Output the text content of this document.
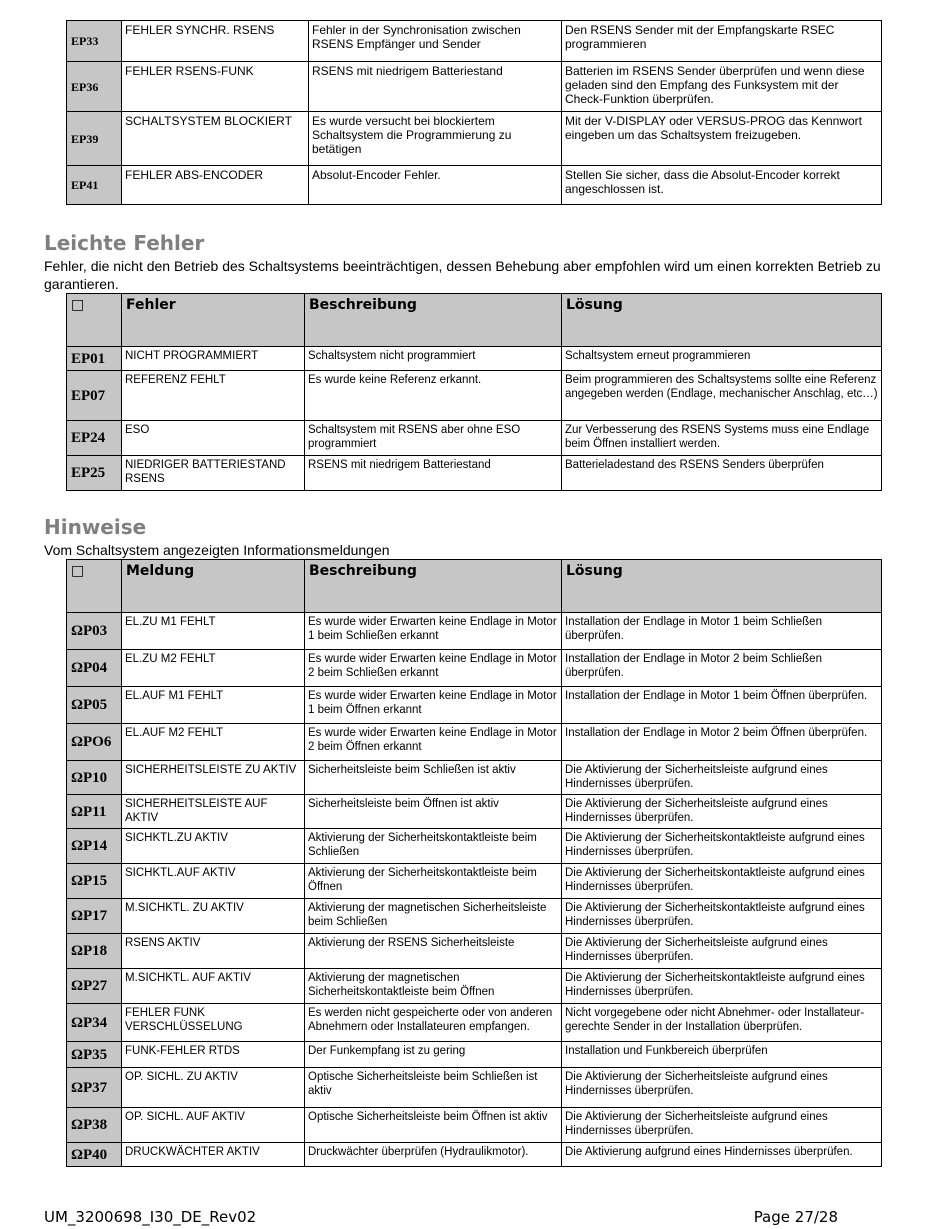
EP33	FEHLER SYNCHR. RSENS	Fehler in der Synchronisation zwischen RSENS Empfänger und Sender	Den RSENS Sender mit der Empfangskarte RSEC programmieren
EP36	FEHLER RSENS-FUNK	RSENS mit niedrigem Batteriestand	Batterien im RSENS Sender überprüfen und wenn diese geladen sind den Empfang des Funksystem mit der Check-Funktion überprüfen.
EP39	SCHALTSYSTEM BLOCKIERT	Es wurde versucht bei blockiertem Schaltsystem die Programmierung zu betätigen	Mit der V-DISPLAY oder VERSUS-PROG das Kennwort eingeben um das Schaltsystem freizugeben.
EP41	FEHLER ABS-ENCODER	Absolut-Encoder Fehler.	Stellen Sie sicher, dass die Absolut-Encoder korrekt angeschlossen ist.
Leichte Fehler
Fehler, die nicht den Betrieb des Schaltsystems beeinträchtigen, dessen Behebung aber empfohlen wird um einen korrekten Betrieb zu garantieren.
□	Fehler	Beschreibung	Lösung
EP01	NICHT PROGRAMMIERT	Schaltsystem nicht programmiert	Schaltsystem erneut programmieren
EP07	REFERENZ FEHLT	Es wurde keine Referenz erkannt.	Beim programmieren des Schaltsystems sollte eine Referenz angegeben werden (Endlage, mechanischer Anschlag, etc…)
EP24	ESO	Schaltsystem mit RSENS aber ohne ESO programmiert	Zur Verbesserung des RSENS Systems muss eine Endlage beim Öffnen installiert werden.
EP25	NIEDRIGER BATTERIESTAND RSENS	RSENS mit niedrigem Batteriestand	Batterieladestand des RSENS Senders überprüfen
Hinweise
Vom Schaltsystem angezeigten Informationsmeldungen
□	Meldung	Beschreibung	Lösung
ΩP03	EL.ZU M1 FEHLT	Es wurde wider Erwarten keine Endlage in Motor 1 beim Schließen erkannt	Installation der Endlage in Motor 1 beim Schließen überprüfen.
ΩP04	EL.ZU M2 FEHLT	Es wurde wider Erwarten keine Endlage in Motor 2 beim Schließen erkannt	Installation der Endlage in Motor 2 beim Schließen überprüfen.
ΩP05	EL.AUF M1 FEHLT	Es wurde wider Erwarten keine Endlage in Motor 1 beim Öffnen erkannt	Installation der Endlage in Motor 1 beim Öffnen überprüfen.
ΩPO6	EL.AUF M2 FEHLT	Es wurde wider Erwarten keine Endlage in Motor 2 beim Öffnen erkannt	Installation der Endlage in Motor 2 beim Öffnen überprüfen.
ΩP10	SICHERHEITSLEISTE ZU AKTIV	Sicherheitsleiste beim Schließen ist aktiv	Die Aktivierung der Sicherheitsleiste aufgrund eines Hindernisses überprüfen.
ΩP11	SICHERHEITSLEISTE AUF AKTIV	Sicherheitsleiste beim Öffnen ist aktiv	Die Aktivierung der Sicherheitsleiste aufgrund eines Hindernisses überprüfen.
ΩP14	SICHKTL.ZU AKTIV	Aktivierung der Sicherheitskontaktleiste beim Schließen	Die Aktivierung der Sicherheitskontaktleiste aufgrund eines Hindernisses überprüfen.
ΩP15	SICHKTL.AUF AKTIV	Aktivierung der Sicherheitskontaktleiste beim Öffnen	Die Aktivierung der Sicherheitskontaktleiste aufgrund eines Hindernisses überprüfen.
ΩP17	M.SICHKTL. ZU AKTIV	Aktivierung der magnetischen Sicherheitsleiste beim Schließen	Die Aktivierung der Sicherheitskontaktleiste aufgrund eines Hindernisses überprüfen.
ΩP18	RSENS AKTIV	Aktivierung der RSENS Sicherheitsleiste	Die Aktivierung der Sicherheitsleiste aufgrund eines Hindernisses überprüfen.
ΩP27	M.SICHKTL. AUF AKTIV	Aktivierung der magnetischen Sicherheitskontaktleiste beim Öffnen	Die Aktivierung der Sicherheitskontaktleiste aufgrund eines Hindernisses überprüfen.
ΩP34	FEHLER FUNK VERSCHLÜSSELUNG	Es werden nicht gespeicherte oder von anderen Abnehmern oder Installateuren empfangen.	Nicht vorgegebene oder nicht Abnehmer- oder Installateur-gerechte Sender in der Installation überprüfen.
ΩP35	FUNK-FEHLER RTDS	Der Funkempfang ist zu gering	Installation und Funkbereich überprüfen
ΩP37	OP. SICHL. ZU AKTIV	Optische Sicherheitsleiste beim Schließen ist aktiv	Die Aktivierung der Sicherheitsleiste aufgrund eines Hindernisses überprüfen.
ΩP38	OP. SICHL. AUF AKTIV	Optische Sicherheitsleiste beim Öffnen ist aktiv	Die Aktivierung der Sicherheitsleiste aufgrund eines Hindernisses überprüfen.
ΩP40	DRUCKWÄCHTER AKTIV	Druckwächter überprüfen (Hydraulikmotor).	Die Aktivierung aufgrund eines Hindernisses überprüfen.
UM_3200698_I30_DE_Rev02	Page 27/28
